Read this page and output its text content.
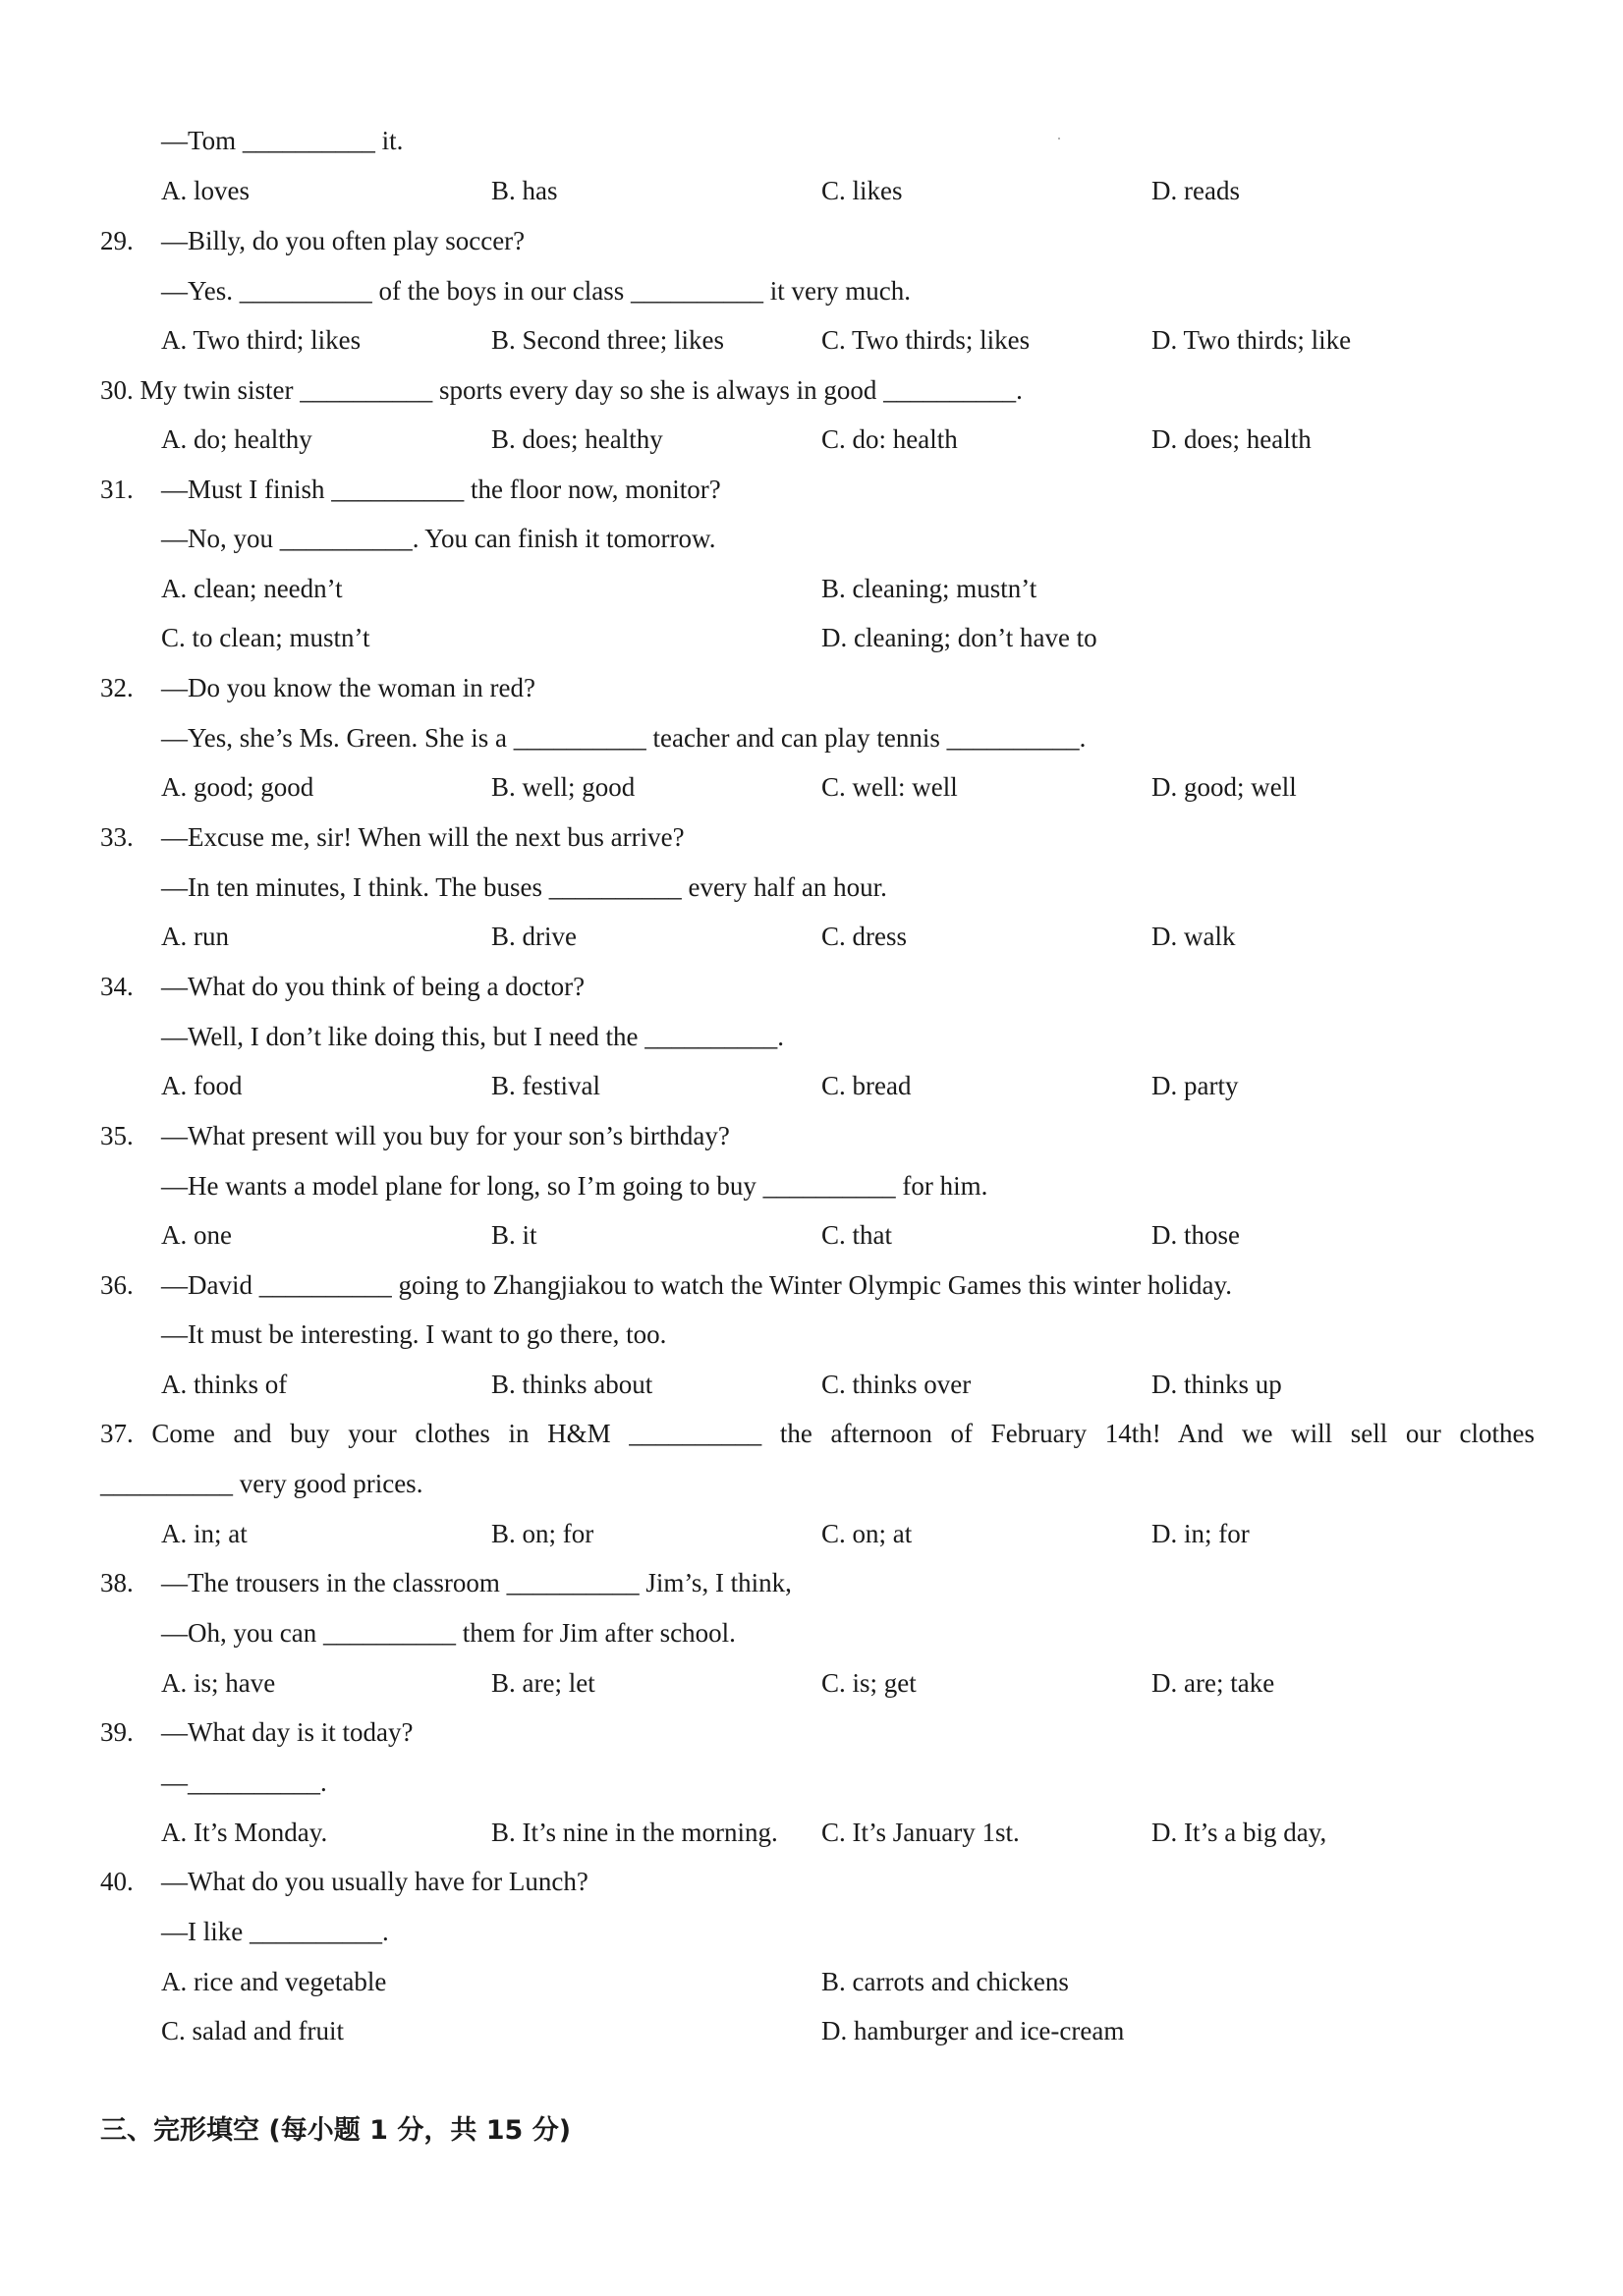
—Tom __________ it.
A. loves	B. has	C. likes	D. reads
29. —Billy, do you often play soccer?
—Yes. __________ of the boys in our class __________ it very much.
A. Two third; likes	B. Second three; likes	C. Two thirds; likes	D. Two thirds; like
30. My twin sister __________ sports every day so she is always in good __________.
A. do; healthy	B. does; healthy	C. do: health	D. does; health
31. —Must I finish __________ the floor now, monitor?
—No, you __________. You can finish it tomorrow.
A. clean; needn’t	B. cleaning; mustn’t
C. to clean; mustn’t	D. cleaning; don’t have to
32. —Do you know the woman in red?
—Yes, she’s Ms. Green. She is a __________ teacher and can play tennis __________.
A. good; good	B. well; good	C. well: well	D. good; well
33. —Excuse me, sir! When will the next bus arrive?
—In ten minutes, I think. The buses __________ every half an hour.
A. run	B. drive	C. dress	D. walk
34. —What do you think of being a doctor?
—Well, I don’t like doing this, but I need the __________.
A. food	B. festival	C. bread	D. party
35. —What present will you buy for your son’s birthday?
—He wants a model plane for long, so I’m going to buy __________ for him.
A. one	B. it	C. that	D. those
36. —David __________ going to Zhangjiakou to watch the Winter Olympic Games this winter holiday.
—It must be interesting. I want to go there, too.
A. thinks of	B. thinks about	C. thinks over	D. thinks up
37. Come and buy your clothes in H&M __________ the afternoon of February 14th! And we will sell our clothes
__________ very good prices.
A. in; at	B. on; for	C. on; at	D. in; for
38. —The trousers in the classroom __________ Jim’s, I think,
—Oh, you can __________ them for Jim after school.
A. is; have	B. are; let	C. is; get	D. are; take
39. —What day is it today?
—__________.
A. It’s Monday.	B. It’s nine in the morning. C. It’s January 1st.	D. It’s a big day,
40. —What do you usually have for Lunch?
—I like __________.
A. rice and vegetable	B. carrots and chickens
C. salad and fruit	D. hamburger and ice-cream
三、完形填空 (每小题 1 分，共 15 分)
